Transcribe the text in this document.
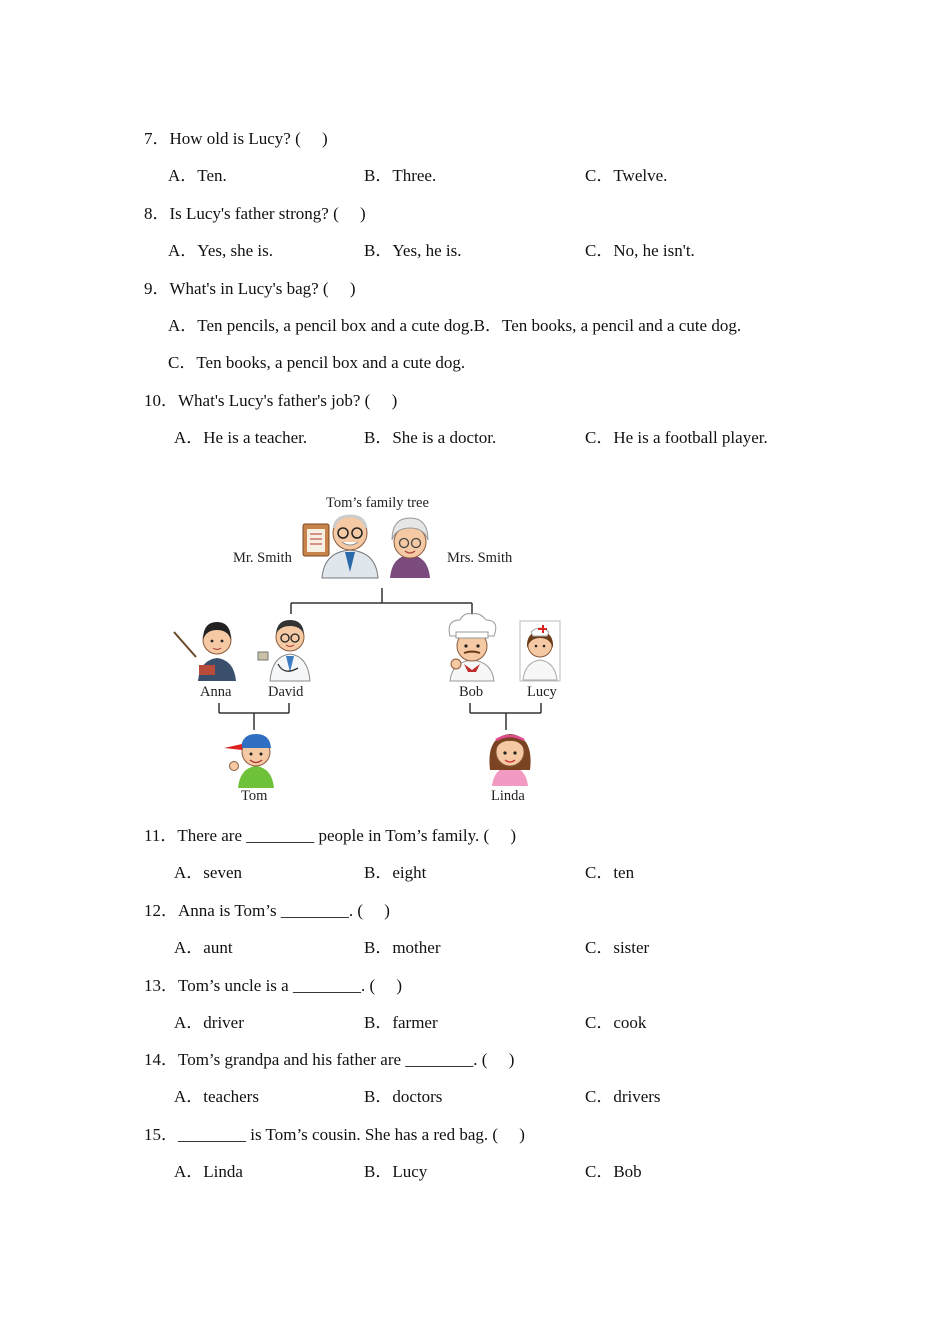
7．How old is Lucy? (　 )
A．Ten.	B．Three.	C．Twelve.
8．Is Lucy's father strong? (　 )
A．Yes, she is.	B．Yes, he is.	C．No, he isn't.
9．What's in Lucy's bag? (　 )
A．Ten pencils, a pencil box and a cute dog.B．Ten books, a pencil and a cute dog.
C．Ten books, a pencil box and a cute dog.
10．What's Lucy's father's job? (　 )
A．He is a teacher.	B．She is a doctor.	C．He is a football player.
Tom’s family tree
Mr. Smith	Mrs. Smith
Anna	David	Bob	Lucy
Tom	Linda
11．There are ________ people in Tom’s family. (　 )
A．seven	B．eight	C．ten
12．Anna is Tom’s ________. (　 )
A．aunt	B．mother	C．sister
13．Tom’s uncle is a ________. (　 )
A．driver	B．farmer	C．cook
14．Tom’s grandpa and his father are ________. (　 )
A．teachers	B．doctors	C．drivers
15．________ is Tom’s cousin. She has a red bag. (　 )
A．Linda	B．Lucy	C．Bob
